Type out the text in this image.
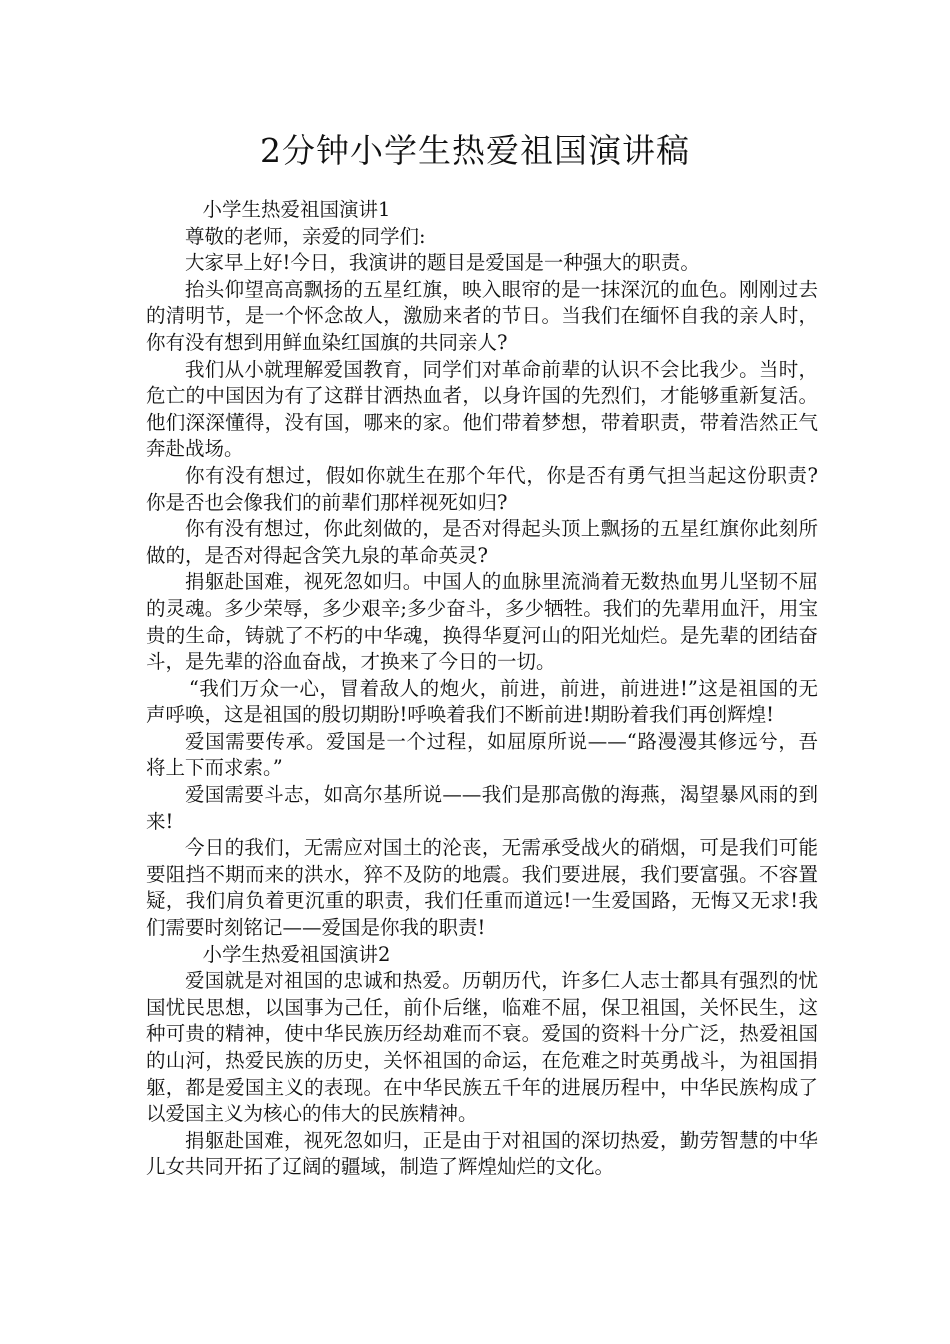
2分钟小学生热爱祖国演讲稿

小学生热爱祖国演讲1

尊敬的老师，亲爱的同学们:

大家早上好!今日，我演讲的题目是爱国是一种强大的职责。

抬头仰望高高飘扬的五星红旗，映入眼帘的是一抹深沉的血色。刚刚过去的清明节，是一个怀念故人，激励来者的节日。当我们在缅怀自我的亲人时，你有没有想到用鲜血染红国旗的共同亲人?

我们从小就理解爱国教育，同学们对革命前辈的认识不会比我少。当时，危亡的中国因为有了这群甘洒热血者，以身许国的先烈们，才能够重新复活。他们深深懂得，没有国，哪来的家。他们带着梦想，带着职责，带着浩然正气奔赴战场。

你有没有想过，假如你就生在那个年代，你是否有勇气担当起这份职责?你是否也会像我们的前辈们那样视死如归?

你有没有想过，你此刻做的，是否对得起头顶上飘扬的五星红旗你此刻所做的，是否对得起含笑九泉的革命英灵?

捐躯赴国难，视死忽如归。中国人的血脉里流淌着无数热血男儿坚韧不屈的灵魂。多少荣辱，多少艰辛;多少奋斗，多少牺牲。我们的先辈用血汗，用宝贵的生命，铸就了不朽的中华魂，换得华夏河山的阳光灿烂。是先辈的团结奋斗，是先辈的浴血奋战，才换来了今日的一切。

“我们万众一心，冒着敌人的炮火，前进，前进，前进进!”这是祖国的无声呼唤，这是祖国的殷切期盼!呼唤着我们不断前进!期盼着我们再创辉煌!

爱国需要传承。爱国是一个过程，如屈原所说——“路漫漫其修远兮，吾将上下而求索。”

爱国需要斗志，如高尔基所说——我们是那高傲的海燕，渴望暴风雨的到来!

今日的我们，无需应对国土的沦丧，无需承受战火的硝烟，可是我们可能要阻挡不期而来的洪水，猝不及防的地震。我们要进展，我们要富强。不容置疑，我们肩负着更沉重的职责，我们任重而道远!一生爱国路，无悔又无求!我们需要时刻铭记——爱国是你我的职责!

小学生热爱祖国演讲2

爱国就是对祖国的忠诚和热爱。历朝历代，许多仁人志士都具有强烈的忧国忧民思想，以国事为己任，前仆后继，临难不屈，保卫祖国，关怀民生，这种可贵的精神，使中华民族历经劫难而不衰。爱国的资料十分广泛，热爱祖国的山河，热爱民族的历史，关怀祖国的命运，在危难之时英勇战斗，为祖国捐躯，都是爱国主义的表现。在中华民族五千年的进展历程中，中华民族构成了以爱国主义为核心的伟大的民族精神。

捐躯赴国难，视死忽如归，正是由于对祖国的深切热爱，勤劳智慧的中华儿女共同开拓了辽阔的疆域，制造了辉煌灿烂的文化。
